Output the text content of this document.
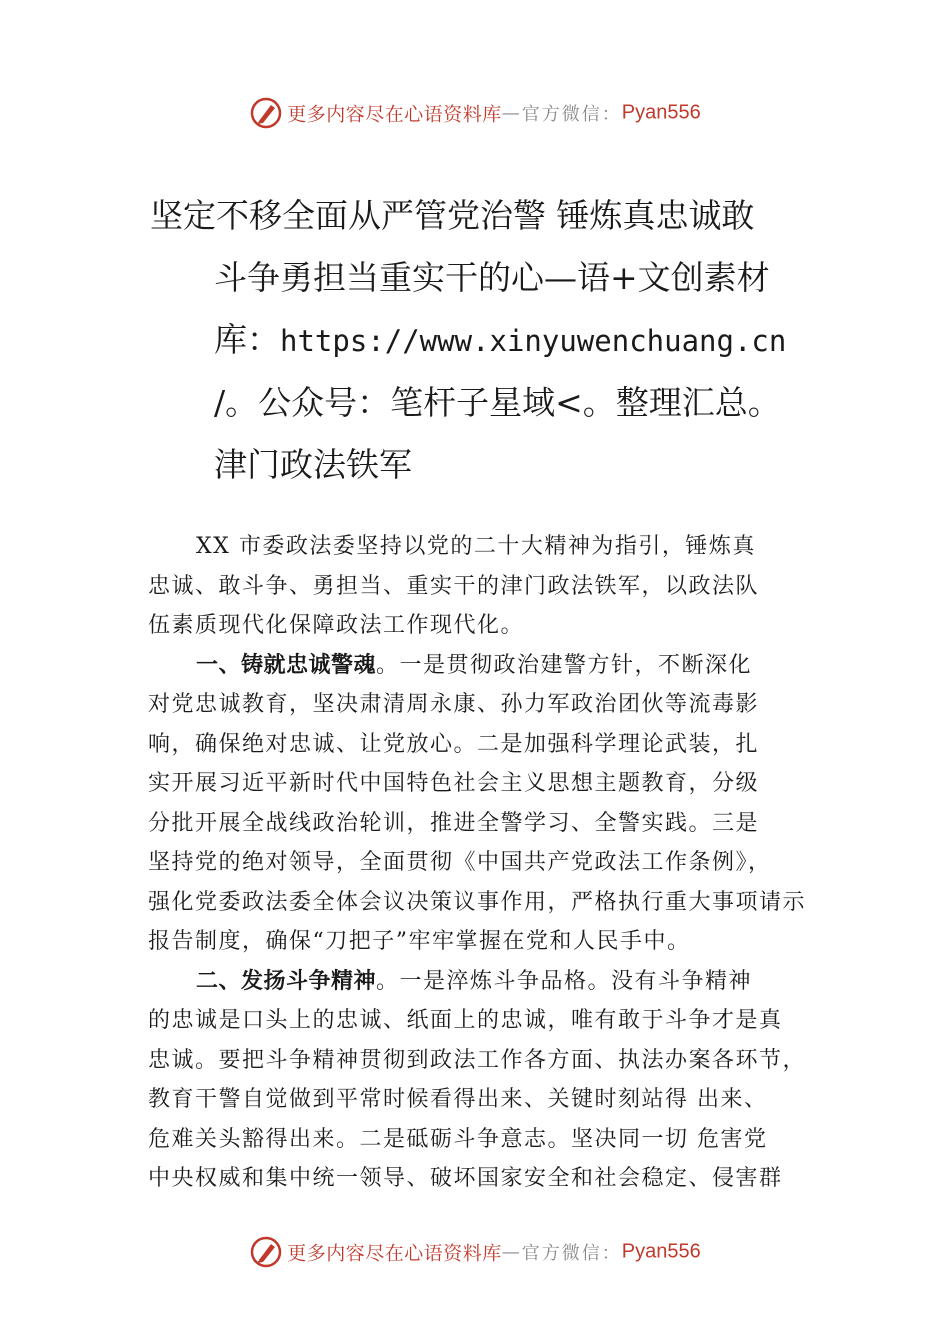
更多内容尽在心语资料库—官方微信：Pyan556
坚定不移全面从严管党治警 锤炼真忠诚敢
斗争勇担当重实干的心—语+文创素材
库：https://www.xinyuwenchuang.cn
/。公众号：笔杆子星域<。整理汇总。
津门政法铁军
XX 市委政法委坚持以党的二十大精神为指引，锤炼真
忠诚、敢斗争、勇担当、重实干的津门政法铁军，以政法队
伍素质现代化保障政法工作现代化。
一、铸就忠诚警魂。一是贯彻政治建警方针，不断深化
对党忠诚教育，坚决肃清周永康、孙力军政治团伙等流毒影
响，确保绝对忠诚、让党放心。二是加强科学理论武装，扎
实开展习近平新时代中国特色社会主义思想主题教育，分级
分批开展全战线政治轮训，推进全警学习、全警实践。三是
坚持党的绝对领导，全面贯彻《中国共产党政法工作条例》，
强化党委政法委全体会议决策议事作用，严格执行重大事项请示
报告制度，确保“刀把子”牢牢掌握在党和人民手中。
二、发扬斗争精神。一是淬炼斗争品格。没有斗争精神
的忠诚是口头上的忠诚、纸面上的忠诚，唯有敢于斗争才是真
忠诚。要把斗争精神贯彻到政法工作各方面、执法办案各环节，
教育干警自觉做到平常时候看得出来、关键时刻站得 出来、
危难关头豁得出来。二是砥砺斗争意志。坚决同一切 危害党
中央权威和集中统一领导、破坏国家安全和社会稳定、侵害群
更多内容尽在心语资料库—官方微信：Pyan556
